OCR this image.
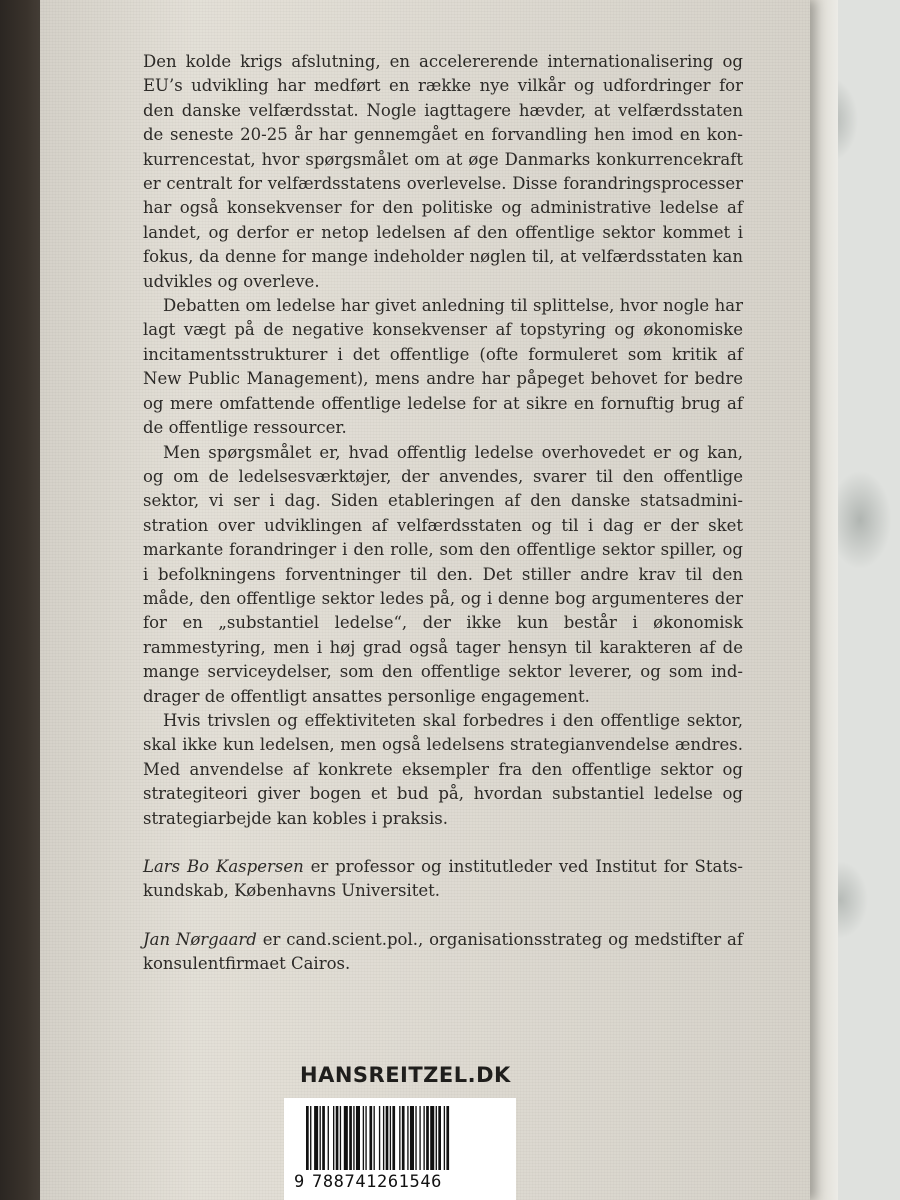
Den kolde krigs afslutning, en accelererende internationalisering og EU’s udvikling har medført en række nye vilkår og udfordringer for den danske velfærdsstat. Nogle iagttagere hævder, at velfærdsstaten de seneste 20-25 år har gennemgået en forvandling hen imod en konkurrencestat, hvor spørgsmålet om at øge Danmarks konkurrencekraft er centralt for velfærdsstatens overlevelse. Disse forandringsprocesser har også konsekvenser for den politiske og administrative ledelse af landet, og derfor er netop ledelsen af den offentlige sektor kommet i fokus, da denne for mange indeholder nøglen til, at velfærdsstaten kan udvikles og overleve.

Debatten om ledelse har givet anledning til splittelse, hvor nogle har lagt vægt på de negative konsekvenser af topstyring og økonomiske incitamentsstrukturer i det offentlige (ofte formuleret som kritik af New Public Management), mens andre har påpeget behovet for bedre og mere omfattende offentlige ledelse for at sikre en fornuftig brug af de offentlige ressourcer.

Men spørgsmålet er, hvad offentlig ledelse overhovedet er og kan, og om de ledelsesværktøjer, der anvendes, svarer til den offentlige sektor, vi ser i dag. Siden etableringen af den danske statsadministration over udviklingen af velfærdsstaten og til i dag er der sket markante forandringer i den rolle, som den offentlige sektor spiller, og i befolkningens forventninger til den. Det stiller andre krav til den måde, den offentlige sektor ledes på, og i denne bog argumenteres der for en „substantiel ledelse“, der ikke kun består i økonomisk rammestyring, men i høj grad også tager hensyn til karakteren af de mange serviceydelser, som den offentlige sektor leverer, og som inddrager de offentligt ansattes personlige engagement.

Hvis trivslen og effektiviteten skal forbedres i den offentlige sektor, skal ikke kun ledelsen, men også ledelsens strategianvendelse ændres. Med anvendelse af konkrete eksempler fra den offentlige sektor og strategiteori giver bogen et bud på, hvordan substantiel ledelse og strategiarbejde kan kobles i praksis.

Lars Bo Kaspersen er professor og institutleder ved Institut for Statskundskab, Københavns Universitet.

Jan Nørgaard er cand.scient.pol., organisationsstrateg og medstifter af konsulentfirmaet Cairos.

HANSREITZEL.DK
9 788741261546
